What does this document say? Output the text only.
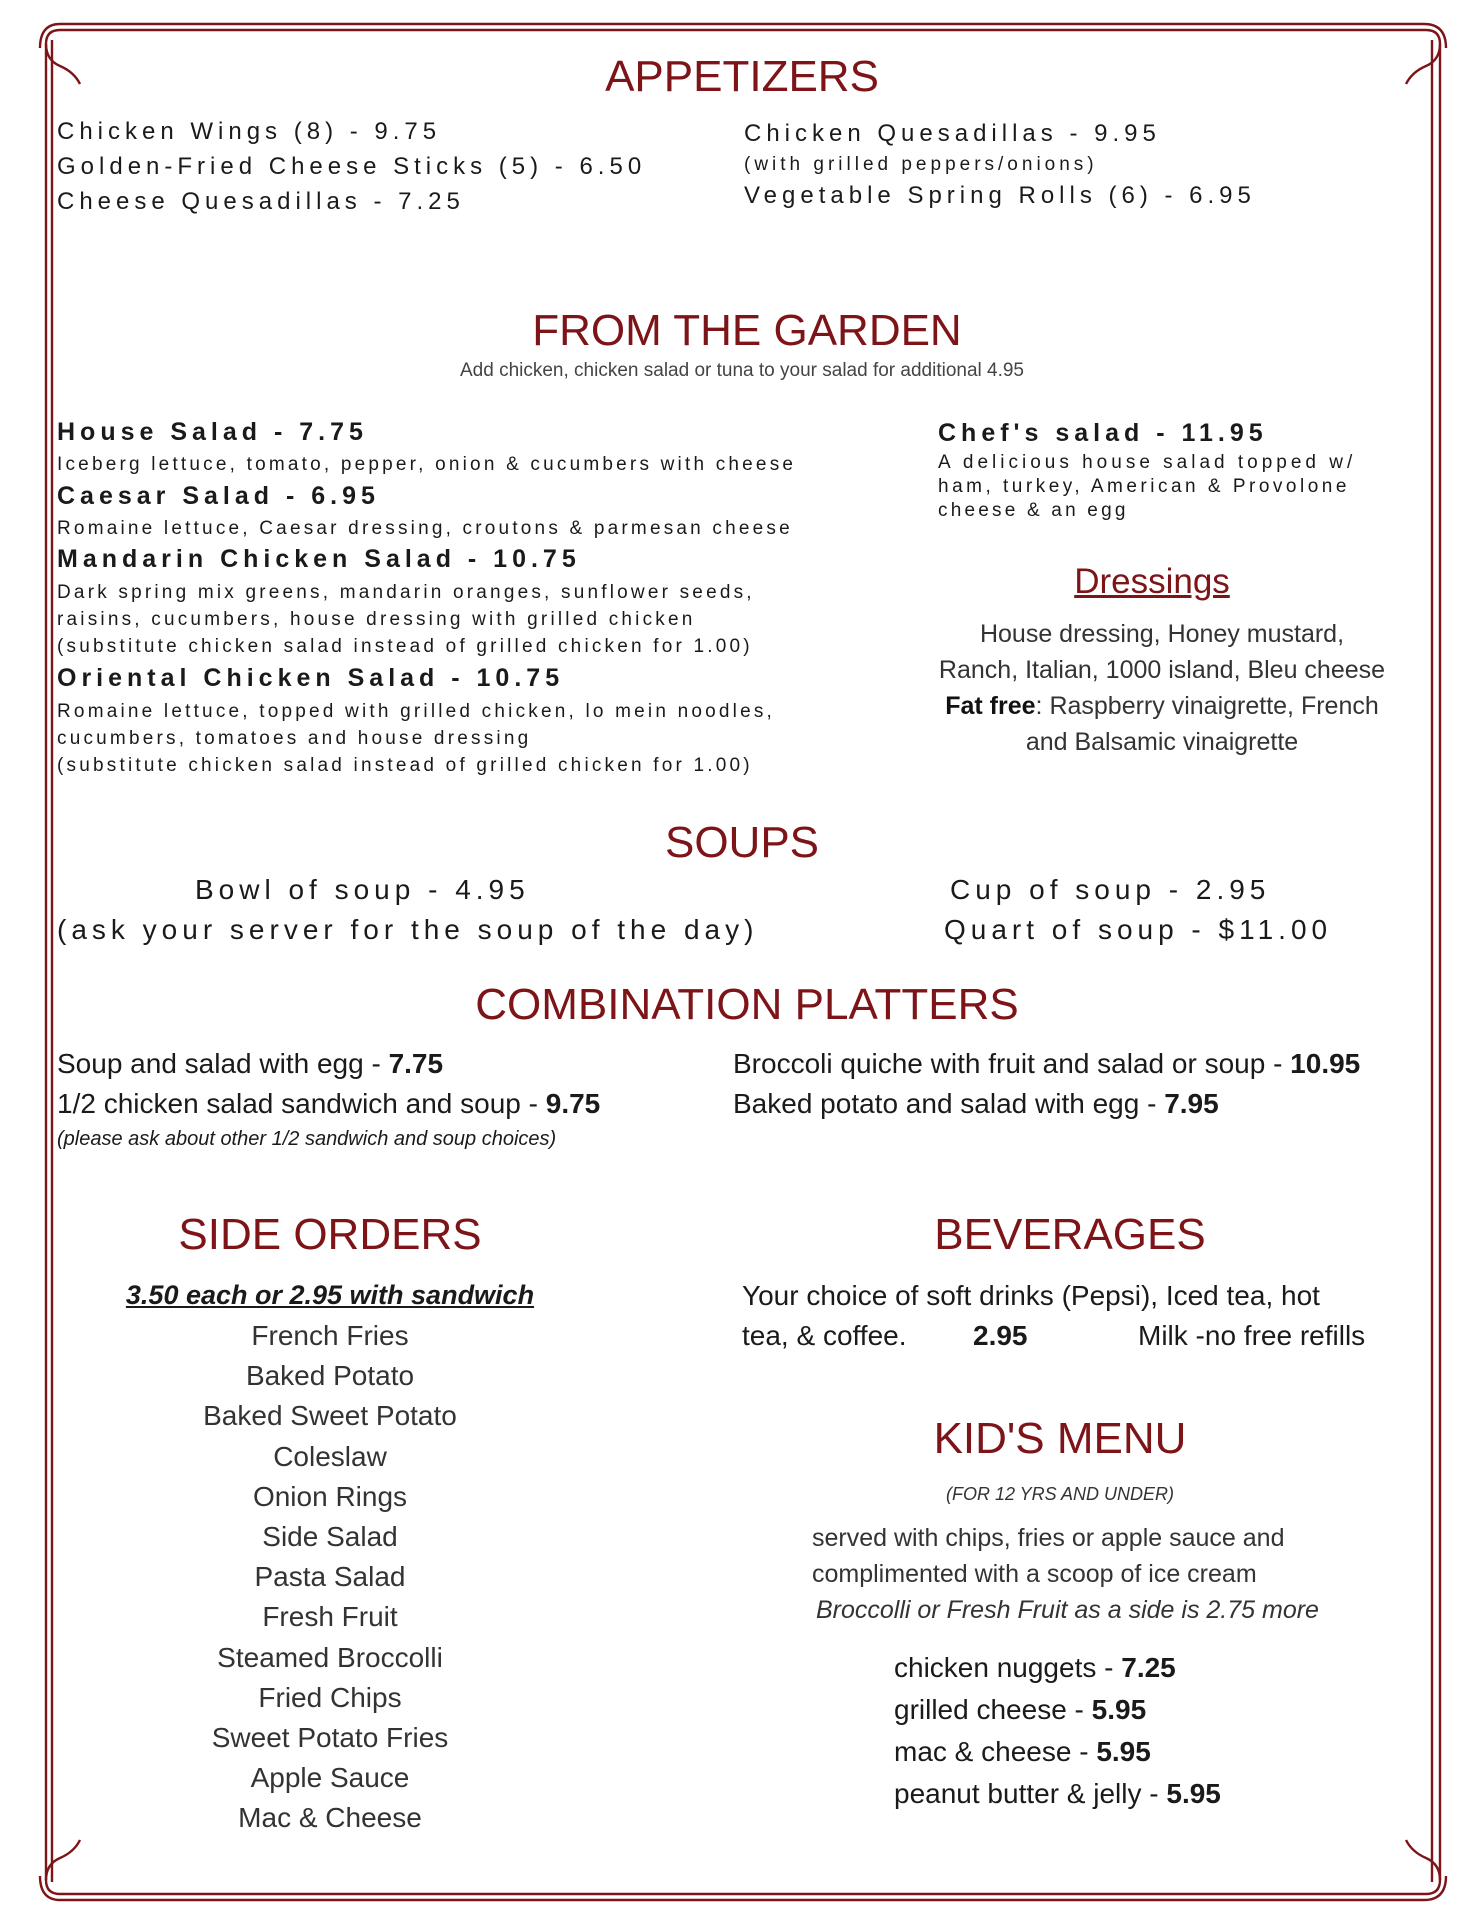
APPETIZERS
Chicken Wings (8) - 9.75
Golden-Fried Cheese Sticks (5) - 6.50
Cheese Quesadillas - 7.25
Chicken Quesadillas - 9.95
(with grilled peppers/onions)
Vegetable Spring Rolls (6) - 6.95
FROM THE GARDEN
Add chicken, chicken salad or tuna to your salad for additional 4.95
House Salad - 7.75
Iceberg lettuce, tomato, pepper, onion & cucumbers with cheese
Caesar Salad - 6.95
Romaine lettuce, Caesar dressing, croutons & parmesan cheese
Mandarin Chicken Salad - 10.75
Dark spring mix greens, mandarin oranges, sunflower seeds,
raisins, cucumbers, house dressing with grilled chicken
(substitute chicken salad instead of grilled chicken for 1.00)
Oriental Chicken Salad - 10.75
Romaine lettuce, topped with grilled chicken, lo mein noodles,
cucumbers, tomatoes and house dressing
(substitute chicken salad instead of grilled chicken for 1.00)
Chef's salad - 11.95
A delicious house salad topped w/
ham, turkey, American & Provolone
cheese & an egg
Dressings
House dressing, Honey mustard,
Ranch, Italian, 1000 island, Bleu cheese
Fat free: Raspberry vinaigrette, French
and Balsamic vinaigrette
SOUPS
Bowl of soup - 4.95
(ask your server for the soup of the day)
Cup of soup - 2.95
Quart of soup - $11.00
COMBINATION PLATTERS
Soup and salad with egg - 7.75
1/2 chicken salad sandwich and soup - 9.75
(please ask about other 1/2 sandwich and soup choices)
Broccoli quiche with fruit and salad or soup - 10.95
Baked potato and salad with egg - 7.95
SIDE ORDERS
3.50 each or 2.95 with sandwich
French Fries
Baked Potato
Baked Sweet Potato
Coleslaw
Onion Rings
Side Salad
Pasta Salad
Fresh Fruit
Steamed Broccolli
Fried Chips
Sweet Potato Fries
Apple Sauce
Mac & Cheese
BEVERAGES
Your choice of soft drinks (Pepsi), Iced tea, hot
tea, & coffee. 2.95	Milk -no free refills
KID'S MENU
(FOR 12 YRS AND UNDER)
served with chips, fries or apple sauce and
complimented with a scoop of ice cream
Broccolli or Fresh Fruit as a side is 2.75 more
chicken nuggets - 7.25
grilled cheese - 5.95
mac & cheese - 5.95
peanut butter & jelly - 5.95
